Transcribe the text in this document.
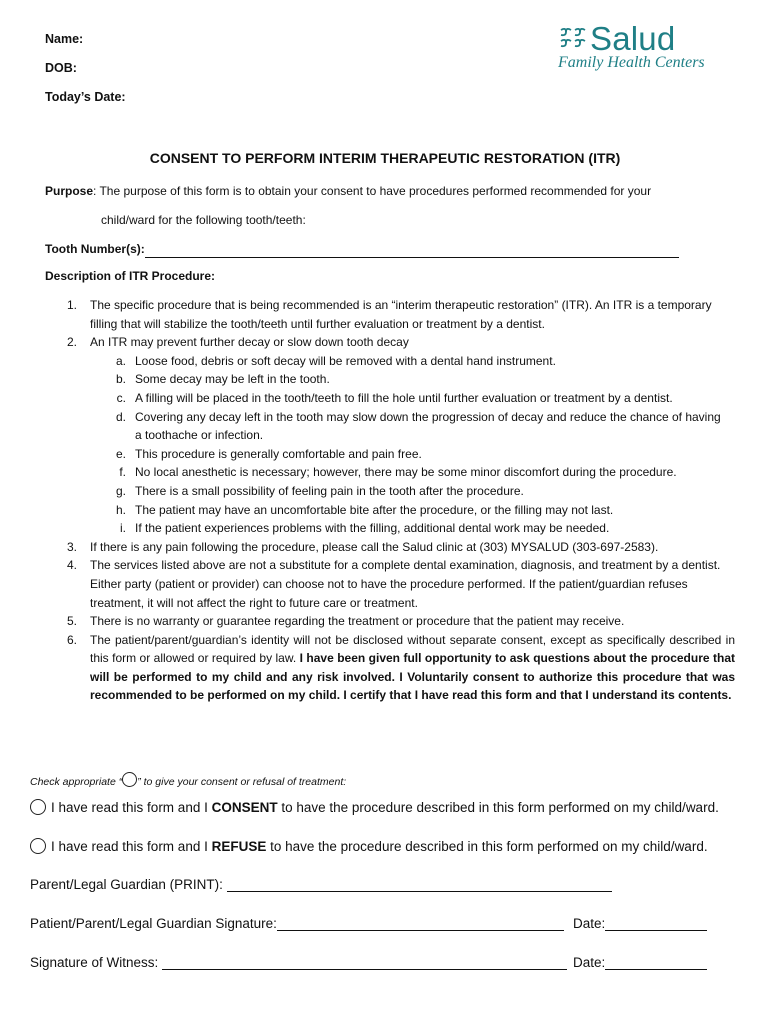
Name:
DOB:
Today’s Date:
Salud
Family Health Centers
CONSENT TO PERFORM INTERIM THERAPEUTIC RESTORATION (ITR)
Purpose: The purpose of this form is to obtain your consent to have procedures performed recommended for your
child/ward for the following tooth/teeth:
Tooth Number(s):
Description of ITR Procedure:
1.	The specific procedure that is being recommended is an “interim therapeutic restoration” (ITR). An ITR is a temporary filling that will stabilize the tooth/teeth until further evaluation or treatment by a dentist.
2.	An ITR may prevent further decay or slow down tooth decay
a. Loose food, debris or soft decay will be removed with a dental hand instrument.
b. Some decay may be left in the tooth.
c. A filling will be placed in the tooth/teeth to fill the hole until further evaluation or treatment by a dentist.
d. Covering any decay left in the tooth may slow down the progression of decay and reduce the chance of having a toothache or infection.
e. This procedure is generally comfortable and pain free.
f. No local anesthetic is necessary; however, there may be some minor discomfort during the procedure.
g. There is a small possibility of feeling pain in the tooth after the procedure.
h. The patient may have an uncomfortable bite after the procedure, or the filling may not last.
i. If the patient experiences problems with the filling, additional dental work may be needed.
3.	If there is any pain following the procedure, please call the Salud clinic at (303) MYSALUD (303-697-2583).
4.	The services listed above are not a substitute for a complete dental examination, diagnosis, and treatment by a dentist. Either party (patient or provider) can choose not to have the procedure performed. If the patient/guardian refuses treatment, it will not affect the right to future care or treatment.
5.	There is no warranty or guarantee regarding the treatment or procedure that the patient may receive.
6.	The patient/parent/guardian’s identity will not be disclosed without separate consent, except as specifically described in this form or allowed or required by law. I have been given full opportunity to ask questions about the procedure that will be performed to my child and any risk involved. I Voluntarily consent to authorize this procedure that was recommended to be performed on my child. I certify that I have read this form and that I understand its contents.
Check appropriate “ ” to give your consent or refusal of treatment:
I have read this form and I CONSENT to have the procedure described in this form performed on my child/ward.
I have read this form and I REFUSE to have the procedure described in this form performed on my child/ward.
Parent/Legal Guardian (PRINT):
Patient/Parent/Legal Guardian Signature:	Date:
Signature of Witness:	Date:
